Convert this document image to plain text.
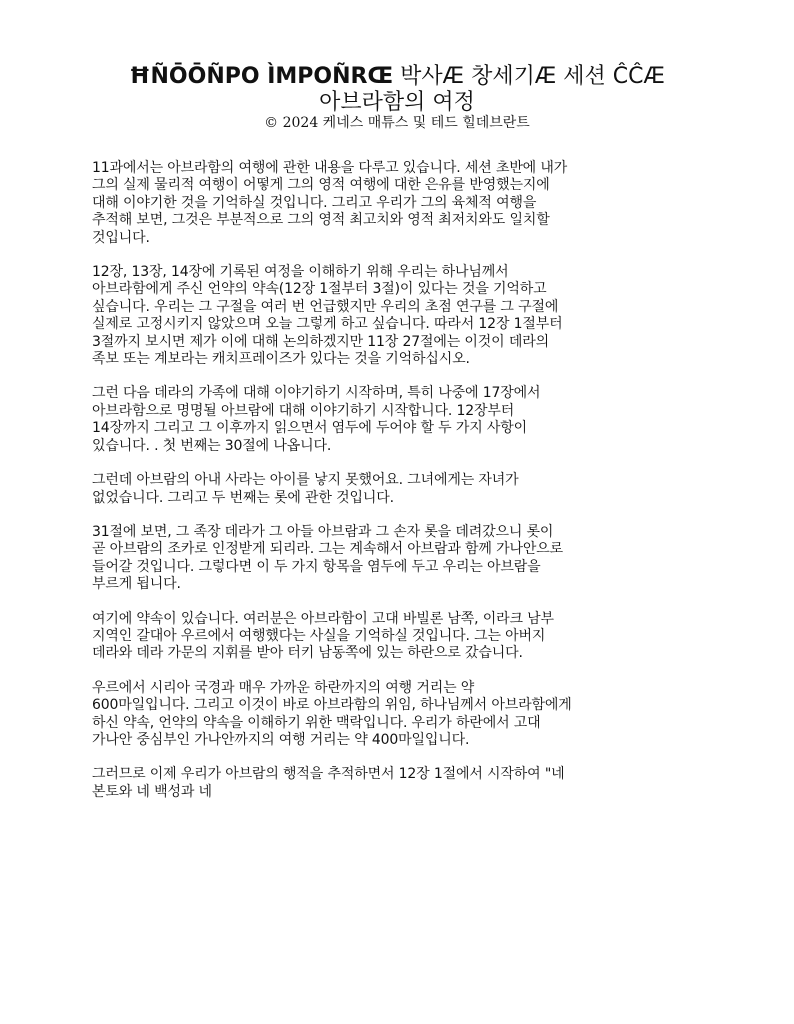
ĦÑŌŌÑPO ÌMPOÑRŒ 박사Æ 창세기Æ 세션 ĈĈÆ
아브라함의 여정
© 2024 케네스 매튜스 및 테드 힐데브란트

11과에서는 아브라함의 여행에 관한 내용을 다루고 있습니다. 세션 초반에 내가
그의 실제 물리적 여행이 어떻게 그의 영적 여행에 대한 은유를 반영했는지에
대해 이야기한 것을 기억하실 것입니다. 그리고 우리가 그의 육체적 여행을
추적해 보면, 그것은 부분적으로 그의 영적 최고치와 영적 최저치와도 일치할
것입니다.

12장, 13장, 14장에 기록된 여정을 이해하기 위해 우리는 하나님께서
아브라함에게 주신 언약의 약속(12장 1절부터 3절)이 있다는 것을 기억하고
싶습니다. 우리는 그 구절을 여러 번 언급했지만 우리의 초점 연구를 그 구절에
실제로 고정시키지 않았으며 오늘 그렇게 하고 싶습니다. 따라서 12장 1절부터
3절까지 보시면 제가 이에 대해 논의하겠지만 11장 27절에는 이것이 데라의
족보 또는 계보라는 캐치프레이즈가 있다는 것을 기억하십시오.

그런 다음 데라의 가족에 대해 이야기하기 시작하며, 특히 나중에 17장에서
아브라함으로 명명될 아브람에 대해 이야기하기 시작합니다. 12장부터
14장까지 그리고 그 이후까지 읽으면서 염두에 두어야 할 두 가지 사항이
있습니다. . 첫 번째는 30절에 나옵니다.

그런데 아브람의 아내 사라는 아이를 낳지 못했어요. 그녀에게는 자녀가
없었습니다. 그리고 두 번째는 롯에 관한 것입니다.

31절에 보면, 그 족장 데라가 그 아들 아브람과 그 손자 롯을 데려갔으니 롯이
곧 아브람의 조카로 인정받게 되리라. 그는 계속해서 아브람과 함께 가나안으로
들어갈 것입니다. 그렇다면 이 두 가지 항목을 염두에 두고 우리는 아브람을
부르게 됩니다.

여기에 약속이 있습니다. 여러분은 아브라함이 고대 바빌론 남쪽, 이라크 남부
지역인 갈대아 우르에서 여행했다는 사실을 기억하실 것입니다. 그는 아버지
데라와 데라 가문의 지휘를 받아 터키 남동쪽에 있는 하란으로 갔습니다.

우르에서 시리아 국경과 매우 가까운 하란까지의 여행 거리는 약
600마일입니다. 그리고 이것이 바로 아브라함의 위임, 하나님께서 아브라함에게
하신 약속, 언약의 약속을 이해하기 위한 맥락입니다. 우리가 하란에서 고대
가나안 중심부인 가나안까지의 여행 거리는 약 400마일입니다.

그러므로 이제 우리가 아브람의 행적을 추적하면서 12장 1절에서 시작하여 "네
본토와 네 백성과 네
